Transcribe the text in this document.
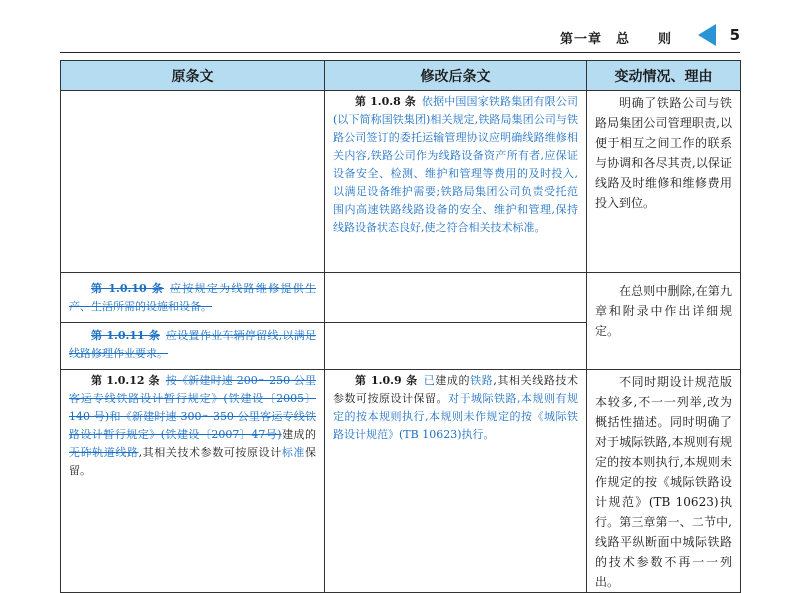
第一章　总　　则	5
原条文	修改后条文	变动情况、理由

	第 1.0.8 条 依据中国国家铁路集团有限公司(以下简称国铁集团)相关规定,铁路局集团公司与铁路公司签订的委托运输管理协议应明确线路维修相关内容,铁路公司作为线路设备资产所有者,应保证设备安全、检测、维护和管理等费用的及时投入,以满足设备维护需要;铁路局集团公司负责受托范围内高速铁路线路设备的安全、维护和管理,保持线路设备状态良好,使之符合相关技术标准。	明确了铁路公司与铁路局集团公司管理职责,以便于相互之间工作的联系与协调和各尽其责,以保证线路及时维修和维修费用投入到位。

第 1.0.10 条 应按规定为线路维修提供生产、生活所需的设施和设备。		在总则中删除,在第九章和附录中作出详细规定。

第 1.0.11 条 应设置作业车辆停留线,以满足线路修理作业要求。		

第 1.0.12 条 按《新建时速 200～250 公里客运专线铁路设计暂行规定》(铁建设〔2005〕140 号)和《新建时速 300～350 公里客运专线铁路设计暂行规定》(铁建设〔2007〕47号)建成的无砟轨道线路,其相关技术参数可按原设计标准保留。	第 1.0.9 条 已建成的铁路,其相关线路技术参数可按原设计保留。对于城际铁路,本规则有规定的按本规则执行,本规则未作规定的按《城际铁路设计规范》(TB 10623)执行。	不同时期设计规范版本较多,不一一列举,改为概括性描述。同时明确了对于城际铁路,本规则有规定的按本则执行,本规则未作规定的按《城际铁路设计规范》(TB 10623)执行。第三章第一、二节中,线路平纵断面中城际铁路的技术参数不再一一列出。
